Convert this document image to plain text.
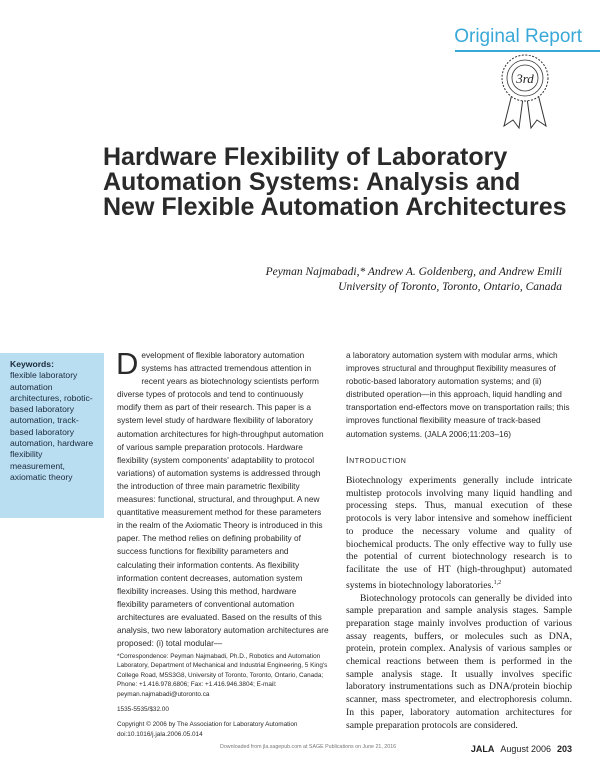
Original Report
3rd
Hardware Flexibility of Laboratory Automation Systems: Analysis and New Flexible Automation Architectures
Peyman Najmabadi,* Andrew A. Goldenberg, and Andrew Emili
University of Toronto, Toronto, Ontario, Canada
Keywords:
flexible laboratory automation architectures, robotic-based laboratory automation, track-based laboratory automation, hardware flexibility measurement, axiomatic theory
Development of flexible laboratory automation systems has attracted tremendous attention in recent years as biotechnology scientists perform diverse types of protocols and tend to continuously modify them as part of their research. This paper is a system level study of hardware flexibility of laboratory automation architectures for high-throughput automation of various sample preparation protocols. Hardware flexibility (system components' adaptability to protocol variations) of automation systems is addressed through the introduction of three main parametric flexibility measures: functional, structural, and throughput. A new quantitative measurement method for these parameters in the realm of the Axiomatic Theory is introduced in this paper. The method relies on defining probability of success functions for flexibility parameters and calculating their information contents. As flexibility information content decreases, automation system flexibility increases. Using this method, hardware flexibility parameters of conventional automation architectures are evaluated. Based on the results of this analysis, two new laboratory automation architectures are proposed: (i) total modular—
a laboratory automation system with modular arms, which improves structural and throughput flexibility measures of robotic-based laboratory automation systems; and (ii) distributed operation—in this approach, liquid handling and transportation end-effectors move on transportation rails; this improves functional flexibility measure of track-based automation systems. (JALA 2006;11:203–16)
Introduction

Biotechnology experiments generally include intricate multistep protocols involving many liquid handling and processing steps. Thus, manual execution of these protocols is very labor intensive and somehow inefficient to produce the necessary volume and quality of biochemical products. The only effective way to fully use the potential of current biotechnology research is to facilitate the use of HT (high-throughput) automated systems in biotechnology laboratories.$^{1,2}$

Biotechnology protocols can generally be divided into sample preparation and sample analysis stages. Sample preparation stage mainly involves production of various assay reagents, buffers, or molecules such as DNA, protein, protein complex. Analysis of various samples or chemical reactions between them is performed in the sample analysis stage. It usually involves specific laboratory instrumentations such as DNA/protein biochip scanner, mass spectrometer, and electrophoresis column. In this paper, laboratory automation architectures for sample preparation protocols are considered.

*Correspondence: Peyman Najmabadi, Ph.D., Robotics and Automation Laboratory, Department of Mechanical and Industrial Engineering, 5 King's College Road, M5S3G8, University of Toronto, Toronto, Ontario, Canada; Phone: +1.416.978.6806; Fax: +1.416.946.3804; E-mail: peyman.najmabadi@utoronto.ca
1535-5535/$32.00
Copyright © 2006 by The Association for Laboratory Automation
doi:10.1016/j.jala.2006.05.014
Downloaded from jla.sagepub.com at SAGE Publications on June 21, 2016	JALA August 2006 203
